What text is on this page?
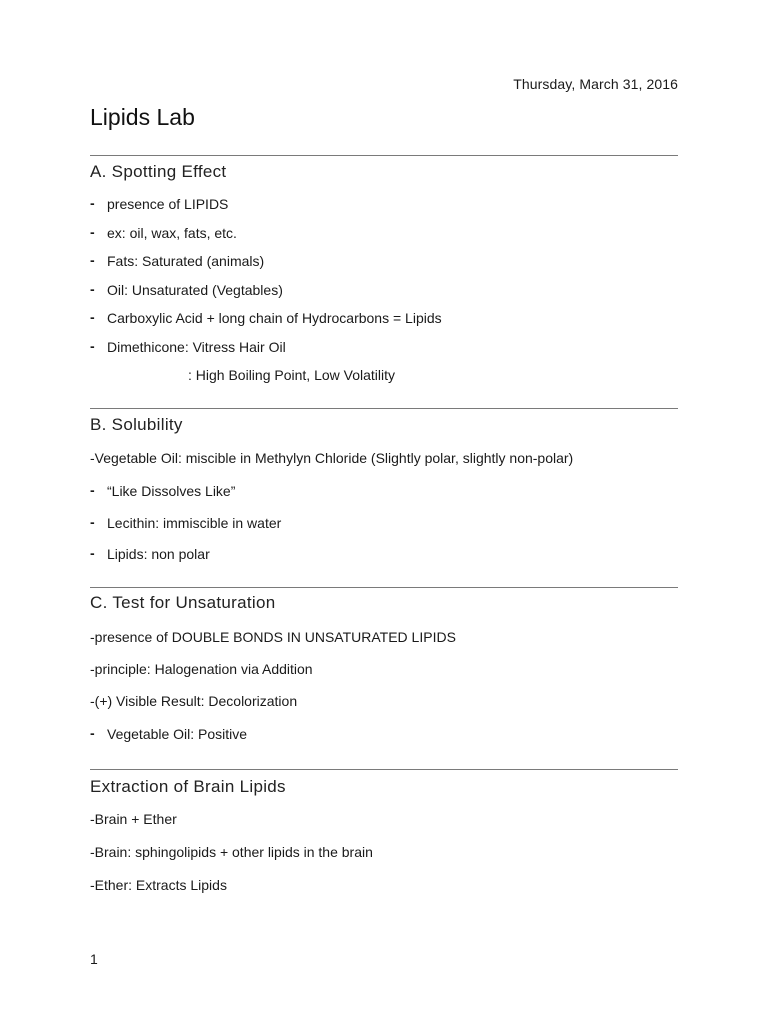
Thursday, March 31, 2016
Lipids Lab
A. Spotting Effect
- presence of LIPIDS
- ex: oil, wax, fats, etc.
- Fats: Saturated (animals)
- Oil: Unsaturated (Vegtables)
- Carboxylic Acid + long chain of Hydrocarbons = Lipids
- Dimethicone: Vitress Hair Oil
: High Boiling Point, Low Volatility
B. Solubility
-Vegetable Oil: miscible in Methylyn Chloride (Slightly polar, slightly non-polar)
- “Like Dissolves Like”
- Lecithin: immiscible in water
- Lipids: non polar
C. Test for Unsaturation
-presence of DOUBLE BONDS IN UNSATURATED LIPIDS
-principle: Halogenation via Addition
-(+) Visible Result: Decolorization
- Vegetable Oil: Positive
Extraction of Brain Lipids
-Brain + Ether
-Brain: sphingolipids + other lipids in the brain
-Ether: Extracts Lipids
1
